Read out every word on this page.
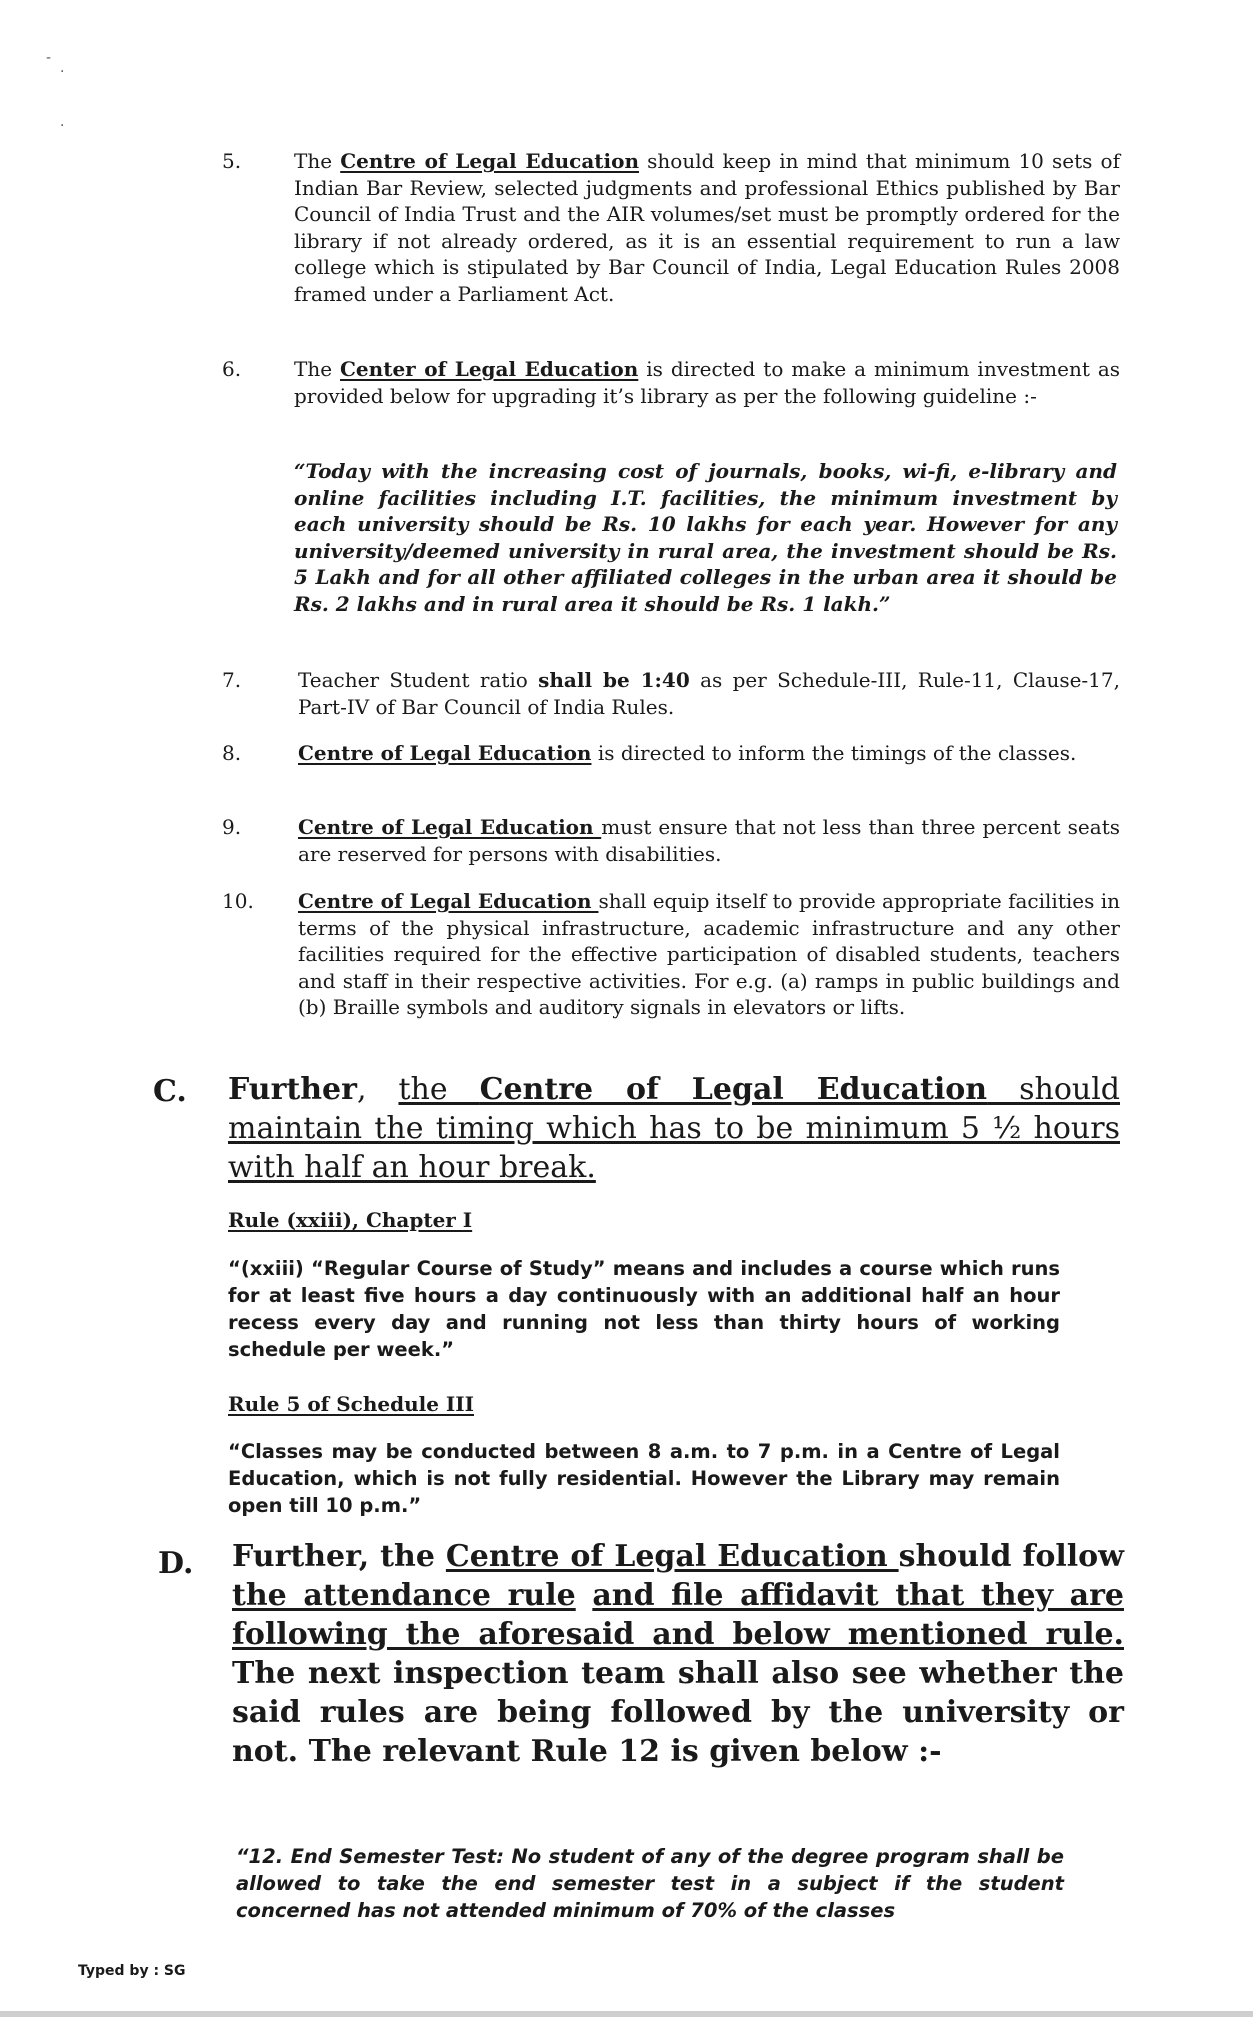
-
·
·
5.	The Centre of Legal Education should keep in mind that minimum 10 sets of Indian Bar Review, selected judgments and professional Ethics published by Bar Council of India Trust and the AIR volumes/set must be promptly ordered for the library if not already ordered, as it is an essential requirement to run a law college which is stipulated by Bar Council of India, Legal Education Rules 2008 framed under a Parliament Act.
6.	The Center of Legal Education is directed to make a minimum investment as provided below for upgrading it’s library as per the following guideline :-
“Today with the increasing cost of journals, books, wi-fi, e-library and online facilities including I.T. facilities, the minimum investment by each university should be Rs. 10 lakhs for each year. However for any university/deemed university in rural area, the investment should be Rs. 5 Lakh and for all other affiliated colleges in the urban area it should be Rs. 2 lakhs and in rural area it should be Rs. 1 lakh.”
7.	Teacher Student ratio shall be 1:40 as per Schedule-III, Rule-11, Clause-17, Part-IV of Bar Council of India Rules.
8.	Centre of Legal Education is directed to inform the timings of the classes.
9.	Centre of Legal Education must ensure that not less than three percent seats are reserved for persons with disabilities.
10. Centre of Legal Education shall equip itself to provide appropriate facilities in terms of the physical infrastructure, academic infrastructure and any other facilities required for the effective participation of disabled students, teachers and staff in their respective activities. For e.g. (a) ramps in public buildings and (b) Braille symbols and auditory signals in elevators or lifts.
C. Further, the Centre of Legal Education should maintain the timing which has to be minimum 5 ½ hours with half an hour break.
Rule (xxiii), Chapter I
“(xxiii) “Regular Course of Study” means and includes a course which runs for at least five hours a day continuously with an additional half an hour recess every day and running not less than thirty hours of working schedule per week.”
Rule 5 of Schedule III
“Classes may be conducted between 8 a.m. to 7 p.m. in a Centre of Legal Education, which is not fully residential. However the Library may remain open till 10 p.m.”
D. Further, the Centre of Legal Education should follow the attendance rule and file affidavit that they are following the aforesaid and below mentioned rule. The next inspection team shall also see whether the said rules are being followed by the university or not. The relevant Rule 12 is given below :-
“12. End Semester Test: No student of any of the degree program shall be allowed to take the end semester test in a subject if the student concerned has not attended minimum of 70% of the classes
Typed by : SG
